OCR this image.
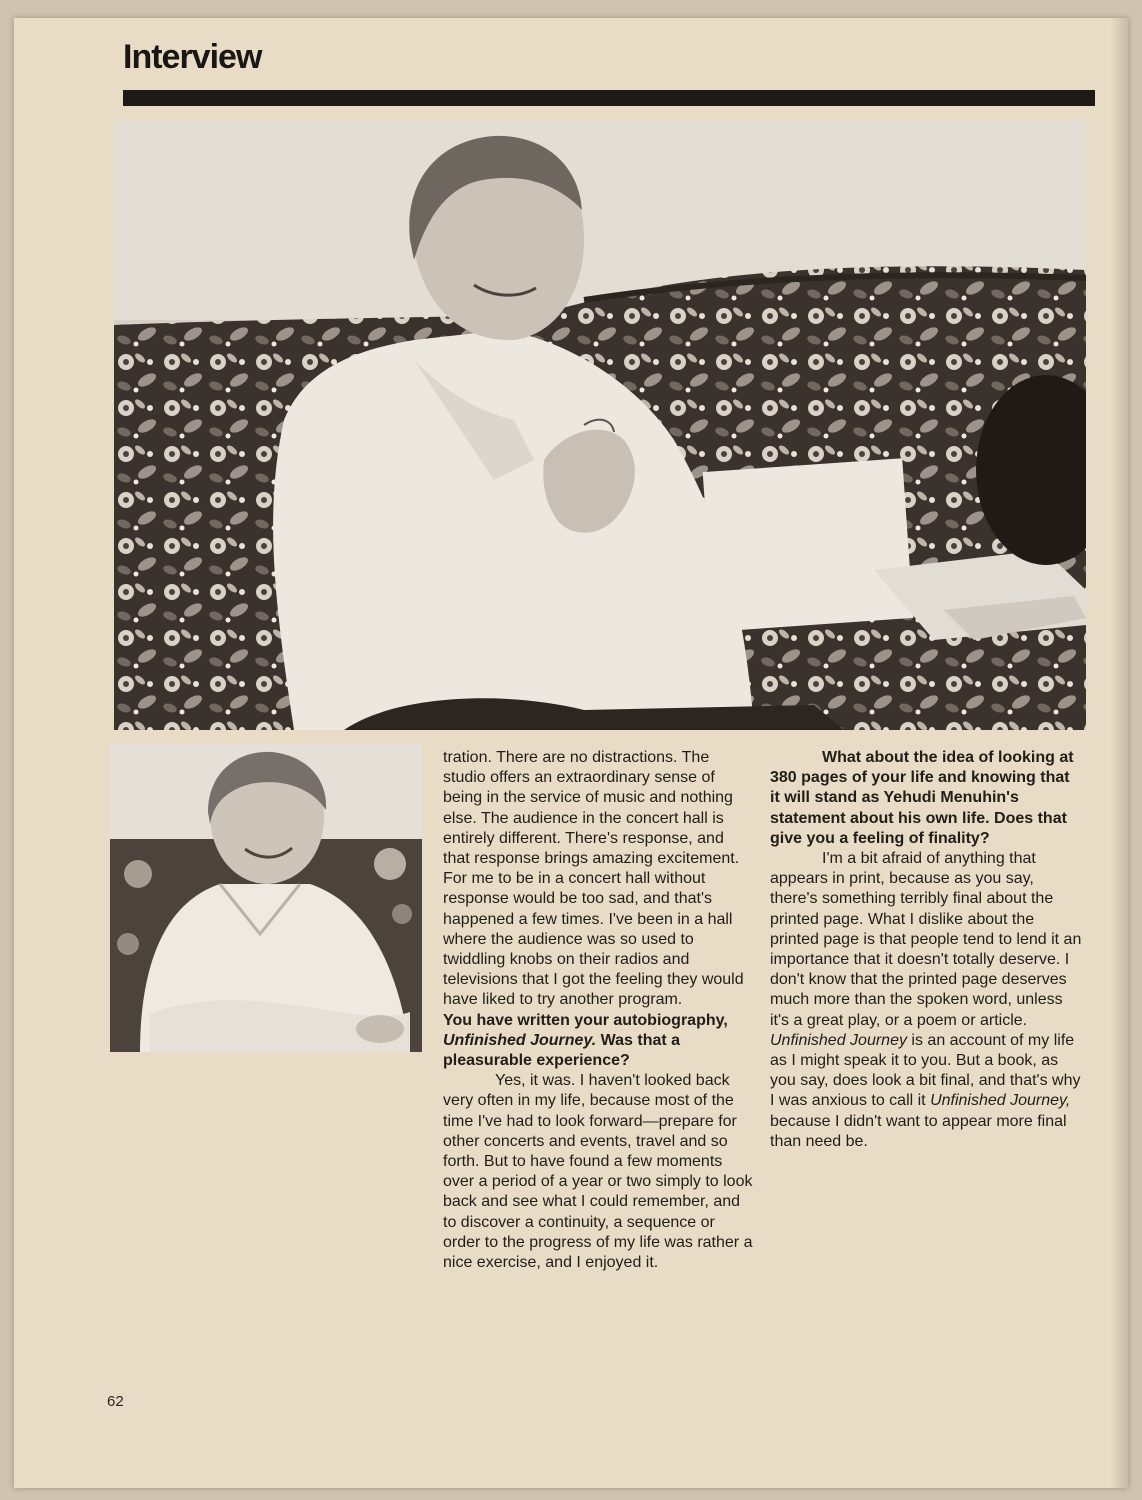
Interview

tration. There are no distractions. The studio offers an extraordinary sense of being in the service of music and nothing else. The audience in the concert hall is entirely different. There's response, and that response brings amazing excitement. For me to be in a concert hall without response would be too sad, and that's happened a few times. I've been in a hall where the audience was so used to twiddling knobs on their radios and televisions that I got the feeling they would have liked to try another program.

You have written your autobiography, Unfinished Journey. Was that a pleasurable experience?

Yes, it was. I haven't looked back very often in my life, because most of the time I've had to look forward—prepare for other concerts and events, travel and so forth. But to have found a few moments over a period of a year or two simply to look back and see what I could remember, and to discover a continuity, a sequence or order to the progress of my life was rather a nice exercise, and I enjoyed it.

What about the idea of looking at 380 pages of your life and knowing that it will stand as Yehudi Menuhin's statement about his own life. Does that give you a feeling of finality?

I'm a bit afraid of anything that appears in print, because as you say, there's something terribly final about the printed page. What I dislike about the printed page is that people tend to lend it an importance that it doesn't totally deserve. I don't know that the printed page deserves much more than the spoken word, unless it's a great play, or a poem or article. Unfinished Journey is an account of my life as I might speak it to you. But a book, as you say, does look a bit final, and that's why I was anxious to call it Unfinished Journey, because I didn't want to appear more final than need be.

62
